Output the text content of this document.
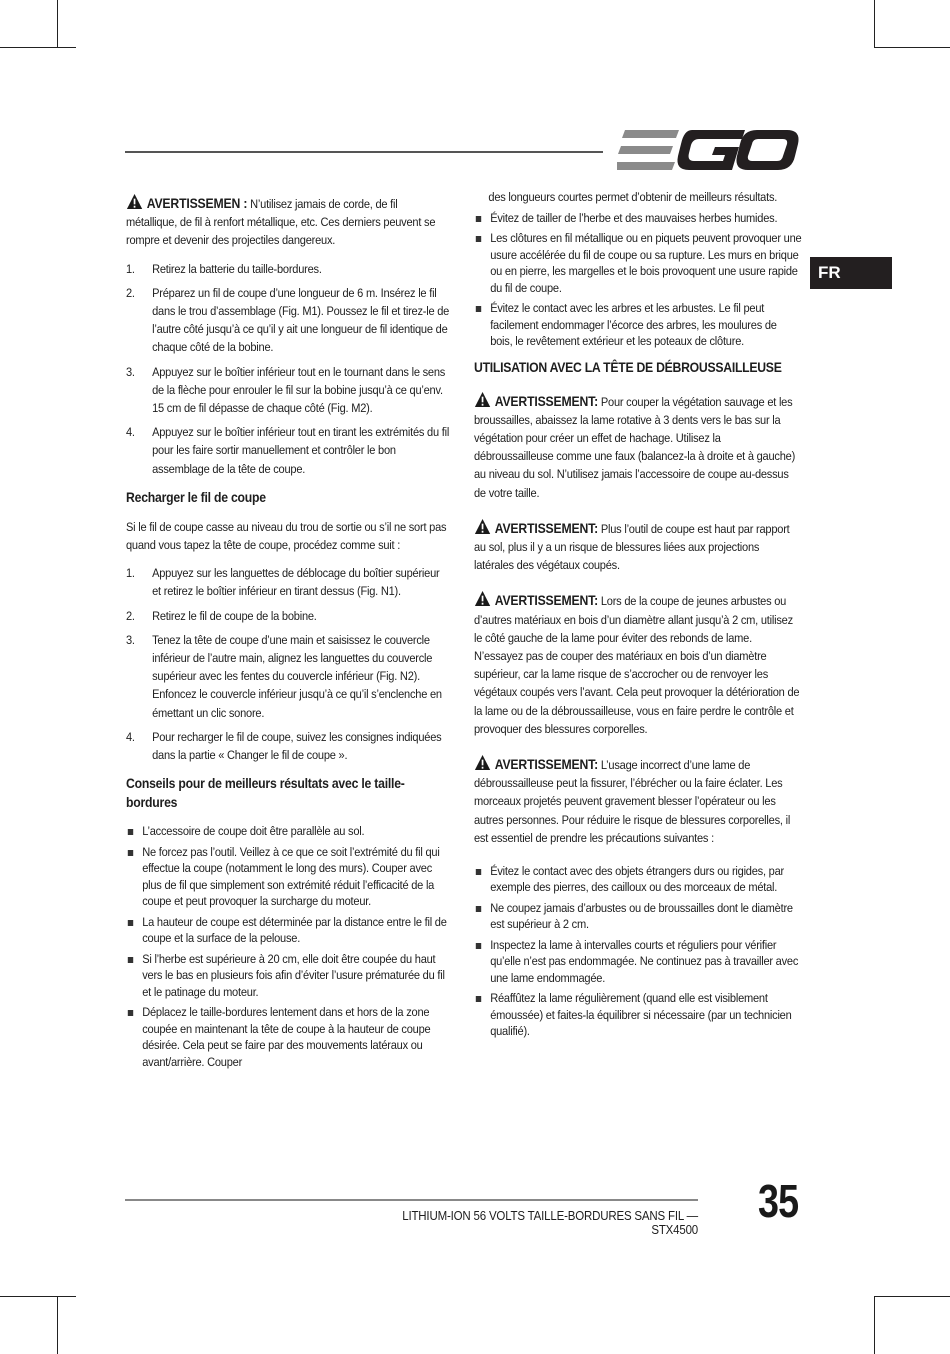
FR
AVERTISSEMEN : N’utilisez jamais de corde, de fil métallique, de fil à renfort métallique, etc. Ces derniers peuvent se rompre et devenir des projectiles dangereux.
1. Retirez la batterie du taille-bordures.
2. Préparez un fil de coupe d’une longueur de 6 m. Insérez le fil dans le trou d’assemblage (Fig. M1). Poussez le fil et tirez-le de l’autre côté jusqu’à ce qu’il y ait une longueur de fil identique de chaque côté de la bobine.
3. Appuyez sur le boîtier inférieur tout en le tournant dans le sens de la flèche pour enrouler le fil sur la bobine jusqu’à ce qu’env. 15 cm de fil dépasse de chaque côté (Fig. M2).
4. Appuyez sur le boîtier inférieur tout en tirant les extrémités du fil pour les faire sortir manuellement et contrôler le bon assemblage de la tête de coupe.
Recharger le fil de coupe
Si le fil de coupe casse au niveau du trou de sortie ou s’il ne sort pas quand vous tapez la tête de coupe, procédez comme suit :
1. Appuyez sur les languettes de déblocage du boîtier supérieur et retirez le boîtier inférieur en tirant dessus (Fig. N1).
2. Retirez le fil de coupe de la bobine.
3. Tenez la tête de coupe d’une main et saisissez le couvercle inférieur de l’autre main, alignez les languettes du couvercle supérieur avec les fentes du couvercle inférieur (Fig. N2). Enfoncez le couvercle inférieur jusqu’à ce qu’il s’enclenche en émettant un clic sonore.
4. Pour recharger le fil de coupe, suivez les consignes indiquées dans la partie « Changer le fil de coupe ».
Conseils pour de meilleurs résultats avec le taille-bordures
L’accessoire de coupe doit être parallèle au sol.
Ne forcez pas l’outil. Veillez à ce que ce soit l’extrémité du fil qui effectue la coupe (notamment le long des murs). Couper avec plus de fil que simplement son extrémité réduit l’efficacité de la coupe et peut provoquer la surcharge du moteur.
La hauteur de coupe est déterminée par la distance entre le fil de coupe et la surface de la pelouse.
Si l’herbe est supérieure à 20 cm, elle doit être coupée du haut vers le bas en plusieurs fois afin d’éviter l’usure prématurée du fil et le patinage du moteur.
Déplacez le taille-bordures lentement dans et hors de la zone coupée en maintenant la tête de coupe à la hauteur de coupe désirée. Cela peut se faire par des mouvements latéraux ou avant/arrière. Couper
des longueurs courtes permet d’obtenir de meilleurs résultats.
Évitez de tailler de l’herbe et des mauvaises herbes humides.
Les clôtures en fil métallique ou en piquets peuvent provoquer une usure accélérée du fil de coupe ou sa rupture. Les murs en brique ou en pierre, les margelles et le bois provoquent une usure rapide du fil de coupe.
Évitez le contact avec les arbres et les arbustes. Le fil peut facilement endommager l’écorce des arbres, les moulures de bois, le revêtement extérieur et les poteaux de clôture.
UTILISATION AVEC LA TÊTE DE DÉBROUSSAILLEUSE
AVERTISSEMENT: Pour couper la végétation sauvage et les broussailles, abaissez la lame rotative à 3 dents vers le bas sur la végétation pour créer un effet de hachage. Utilisez la débroussailleuse comme une faux (balancez-la à droite et à gauche) au niveau du sol. N’utilisez jamais l’accessoire de coupe au-dessus de votre taille.
AVERTISSEMENT: Plus l’outil de coupe est haut par rapport au sol, plus il y a un risque de blessures liées aux projections latérales des végétaux coupés.
AVERTISSEMENT: Lors de la coupe de jeunes arbustes ou d’autres matériaux en bois d’un diamètre allant jusqu’à 2 cm, utilisez le côté gauche de la lame pour éviter des rebonds de lame. N’essayez pas de couper des matériaux en bois d’un diamètre supérieur, car la lame risque de s’accrocher ou de renvoyer les végétaux coupés vers l’avant. Cela peut provoquer la détérioration de la lame ou de la débroussailleuse, vous en faire perdre le contrôle et provoquer des blessures corporelles.
AVERTISSEMENT: L’usage incorrect d’une lame de débroussailleuse peut la fissurer, l’ébrécher ou la faire éclater. Les morceaux projetés peuvent gravement blesser l’opérateur ou les autres personnes. Pour réduire le risque de blessures corporelles, il est essentiel de prendre les précautions suivantes :
Évitez le contact avec des objets étrangers durs ou rigides, par exemple des pierres, des cailloux ou des morceaux de métal.
Ne coupez jamais d’arbustes ou de broussailles dont le diamètre est supérieur à 2 cm.
Inspectez la lame à intervalles courts et réguliers pour vérifier qu’elle n’est pas endommagée. Ne continuez pas à travailler avec une lame endommagée.
Réaffûtez la lame régulièrement (quand elle est visiblement émoussée) et faites-la équilibrer si nécessaire (par un technicien qualifié).
LITHIUM-ION 56 VOLTS TAILLE-BORDURES SANS FIL — STX4500
35
